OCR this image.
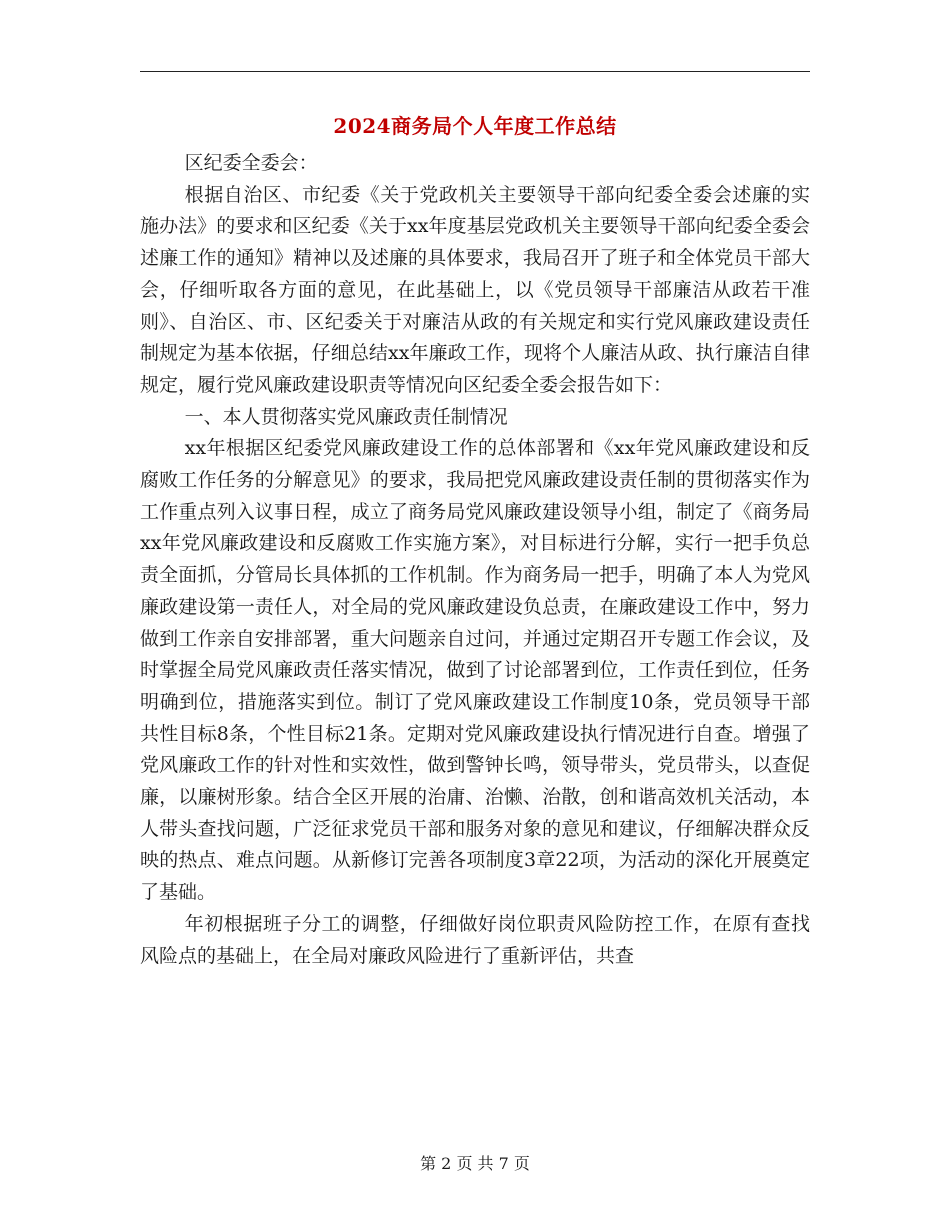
2024商务局个人年度工作总结

区纪委全委会：

根据自治区、市纪委《关于党政机关主要领导干部向纪委全委会述廉的实施办法》的要求和区纪委《关于xx年度基层党政机关主要领导干部向纪委全委会述廉工作的通知》精神以及述廉的具体要求，我局召开了班子和全体党员干部大会，仔细听取各方面的意见，在此基础上，以《党员领导干部廉洁从政若干准则》、自治区、市、区纪委关于对廉洁从政的有关规定和实行党风廉政建设责任制规定为基本依据，仔细总结xx年廉政工作，现将个人廉洁从政、执行廉洁自律规定，履行党风廉政建设职责等情况向区纪委全委会报告如下：

一、本人贯彻落实党风廉政责任制情况

xx年根据区纪委党风廉政建设工作的总体部署和《xx年党风廉政建设和反腐败工作任务的分解意见》的要求，我局把党风廉政建设责任制的贯彻落实作为工作重点列入议事日程，成立了商务局党风廉政建设领导小组，制定了《商务局xx年党风廉政建设和反腐败工作实施方案》，对目标进行分解，实行一把手负总责全面抓，分管局长具体抓的工作机制。作为商务局一把手，明确了本人为党风廉政建设第一责任人，对全局的党风廉政建设负总责，在廉政建设工作中，努力做到工作亲自安排部署，重大问题亲自过问，并通过定期召开专题工作会议，及时掌握全局党风廉政责任落实情况，做到了讨论部署到位，工作责任到位，任务明确到位，措施落实到位。制订了党风廉政建设工作制度10条，党员领导干部共性目标8条，个性目标21条。定期对党风廉政建设执行情况进行自查。增强了党风廉政工作的针对性和实效性，做到警钟长鸣，领导带头，党员带头，以查促廉，以廉树形象。结合全区开展的治庸、治懒、治散，创和谐高效机关活动，本人带头查找问题，广泛征求党员干部和服务对象的意见和建议，仔细解决群众反映的热点、难点问题。从新修订完善各项制度3章22项，为活动的深化开展奠定了基础。

年初根据班子分工的调整，仔细做好岗位职责风险防控工作，在原有查找风险点的基础上，在全局对廉政风险进行了重新评估，共查

第 2 页 共 7 页
